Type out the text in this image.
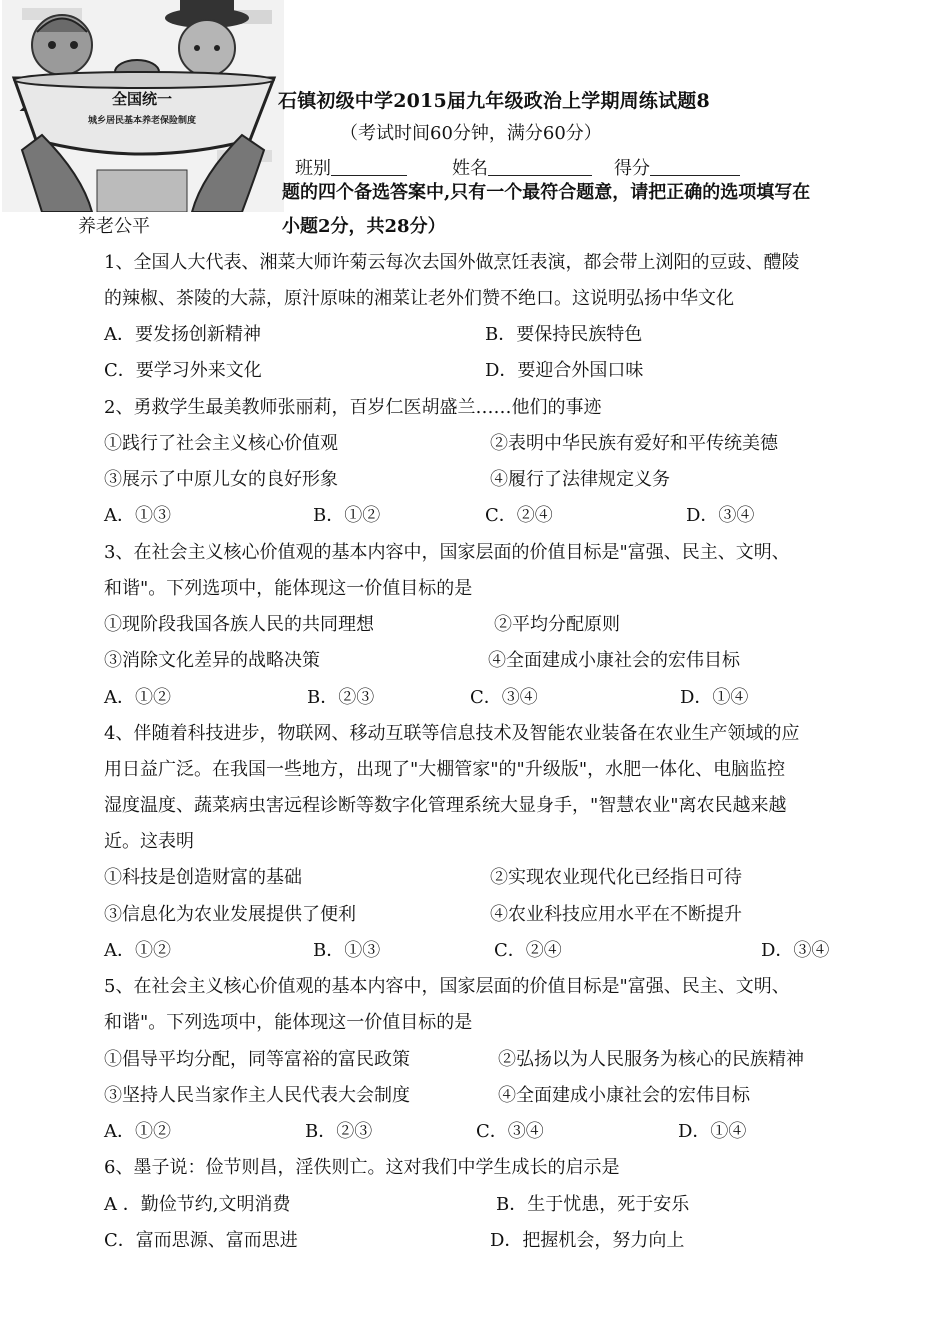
全国统一
城乡居民基本养老保险制度
养老公平
石镇初级中学2015届九年级政治上学期周练试题8
（考试时间60分钟，满分60分）
班别	姓名	得分
题的四个备选答案中,只有一个最符合题意，请把正确的选项填写在
小题2分，共28分）
1、全国人大代表、湘菜大师许菊云每次去国外做烹饪表演，都会带上浏阳的豆豉、醴陵
的辣椒、茶陵的大蒜，原汁原味的湘菜让老外们赞不绝口。这说明弘扬中华文化
A．要发扬创新精神	B．要保持民族特色
C．要学习外来文化	D．要迎合外国口味
2、勇救学生最美教师张丽莉，百岁仁医胡盛兰……他们的事迹
①践行了社会主义核心价值观	②表明中华民族有爱好和平传统美德
③展示了中原儿女的良好形象	④履行了法律规定义务
A．①③	B．①②	C．②④	D．③④
3、在社会主义核心价值观的基本内容中，国家层面的价值目标是"富强、民主、文明、
和谐"。下列选项中，能体现这一价值目标的是
①现阶段我国各族人民的共同理想	②平均分配原则
③消除文化差异的战略决策	④全面建成小康社会的宏伟目标
A．①②	B．②③	C．③④	D．①④
4、伴随着科技进步，物联网、移动互联等信息技术及智能农业装备在农业生产领域的应
用日益广泛。在我国一些地方，出现了"大棚管家"的"升级版"，水肥一体化、电脑监控
湿度温度、蔬菜病虫害远程诊断等数字化管理系统大显身手，"智慧农业"离农民越来越
近。这表明
①科技是创造财富的基础	②实现农业现代化已经指日可待
③信息化为农业发展提供了便利	④农业科技应用水平在不断提升
A．①②	B．①③	C．②④	D．③④
5、在社会主义核心价值观的基本内容中，国家层面的价值目标是"富强、民主、文明、
和谐"。下列选项中，能体现这一价值目标的是
①倡导平均分配，同等富裕的富民政策	②弘扬以为人民服务为核心的民族精神
③坚持人民当家作主人民代表大会制度	④全面建成小康社会的宏伟目标
A．①②	B．②③	C．③④	D．①④
6、墨子说：俭节则昌，淫佚则亡。这对我们中学生成长的启示是
A ．勤俭节约,文明消费	B．生于忧患，死于安乐
C．富而思源、富而思进	D．把握机会，努力向上
